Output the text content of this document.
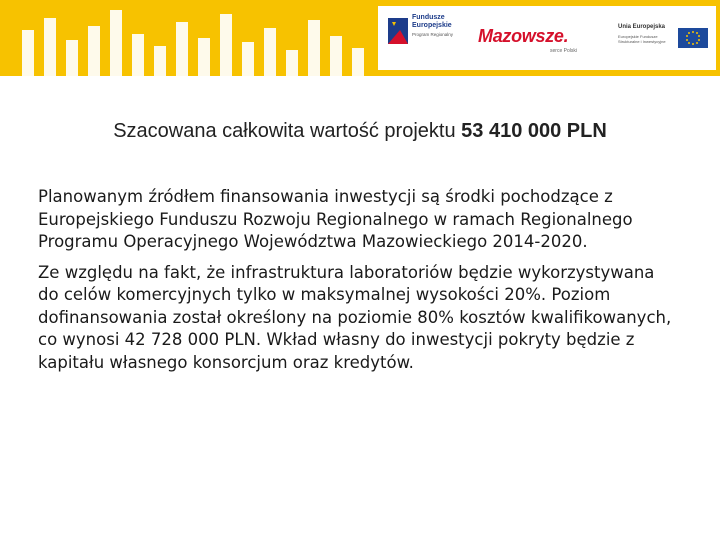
Fundusze
Europejskie
Program Regionalny Mazowsze.
serce Polski
Unia Europejska
Europejskie Fundusze
Strukturalne i Inwestycyjne
Szacowana całkowita wartość projektu 53 410 000 PLN

Planowanym źródłem finansowania inwestycji są środki pochodzące z Europejskiego Funduszu Rozwoju Regionalnego w ramach Regionalnego Programu Operacyjnego Województwa Mazowieckiego 2014-2020.

Ze względu na fakt, że infrastruktura laboratoriów będzie wykorzystywana do celów komercyjnych tylko w maksymalnej wysokości 20%. Poziom dofinansowania został określony na poziomie 80% kosztów kwalifikowanych, co wynosi 42 728 000 PLN. Wkład własny do inwestycji pokryty będzie z kapitału własnego konsorcjum oraz kredytów.
